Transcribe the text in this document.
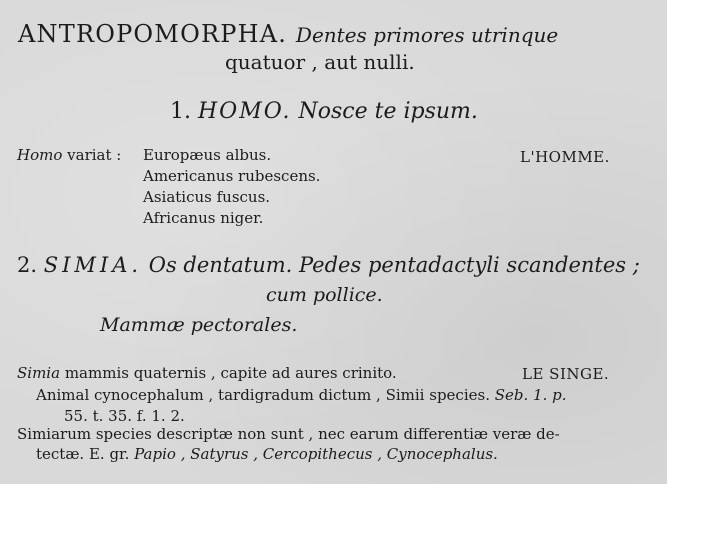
ANTROPOMORPHA. Dentes primores utrinque
quatuor , aut nulli.
1. HOMO. Nosce te ipsum.
Homo variat : Europæus albus.
Americanus rubescens.
Asiaticus fuscus.
Africanus niger.
L'HOMME.
2. SIMIA. Os dentatum. Pedes pentadactyli scandentes ;
cum pollice.
Mammæ pectorales.
Simia mammis quaternis , capite ad aures crinito.	LE SINGE.
Animal cynocephalum , tardigradum dictum , Simii species. Seb. 1. p.
55. t. 35. f. 1. 2.
Simiarum species descriptæ non sunt , nec earum differentiæ veræ de-
tectæ. E. gr. Papio , Satyrus , Cercopithecus , Cynocephalus.
